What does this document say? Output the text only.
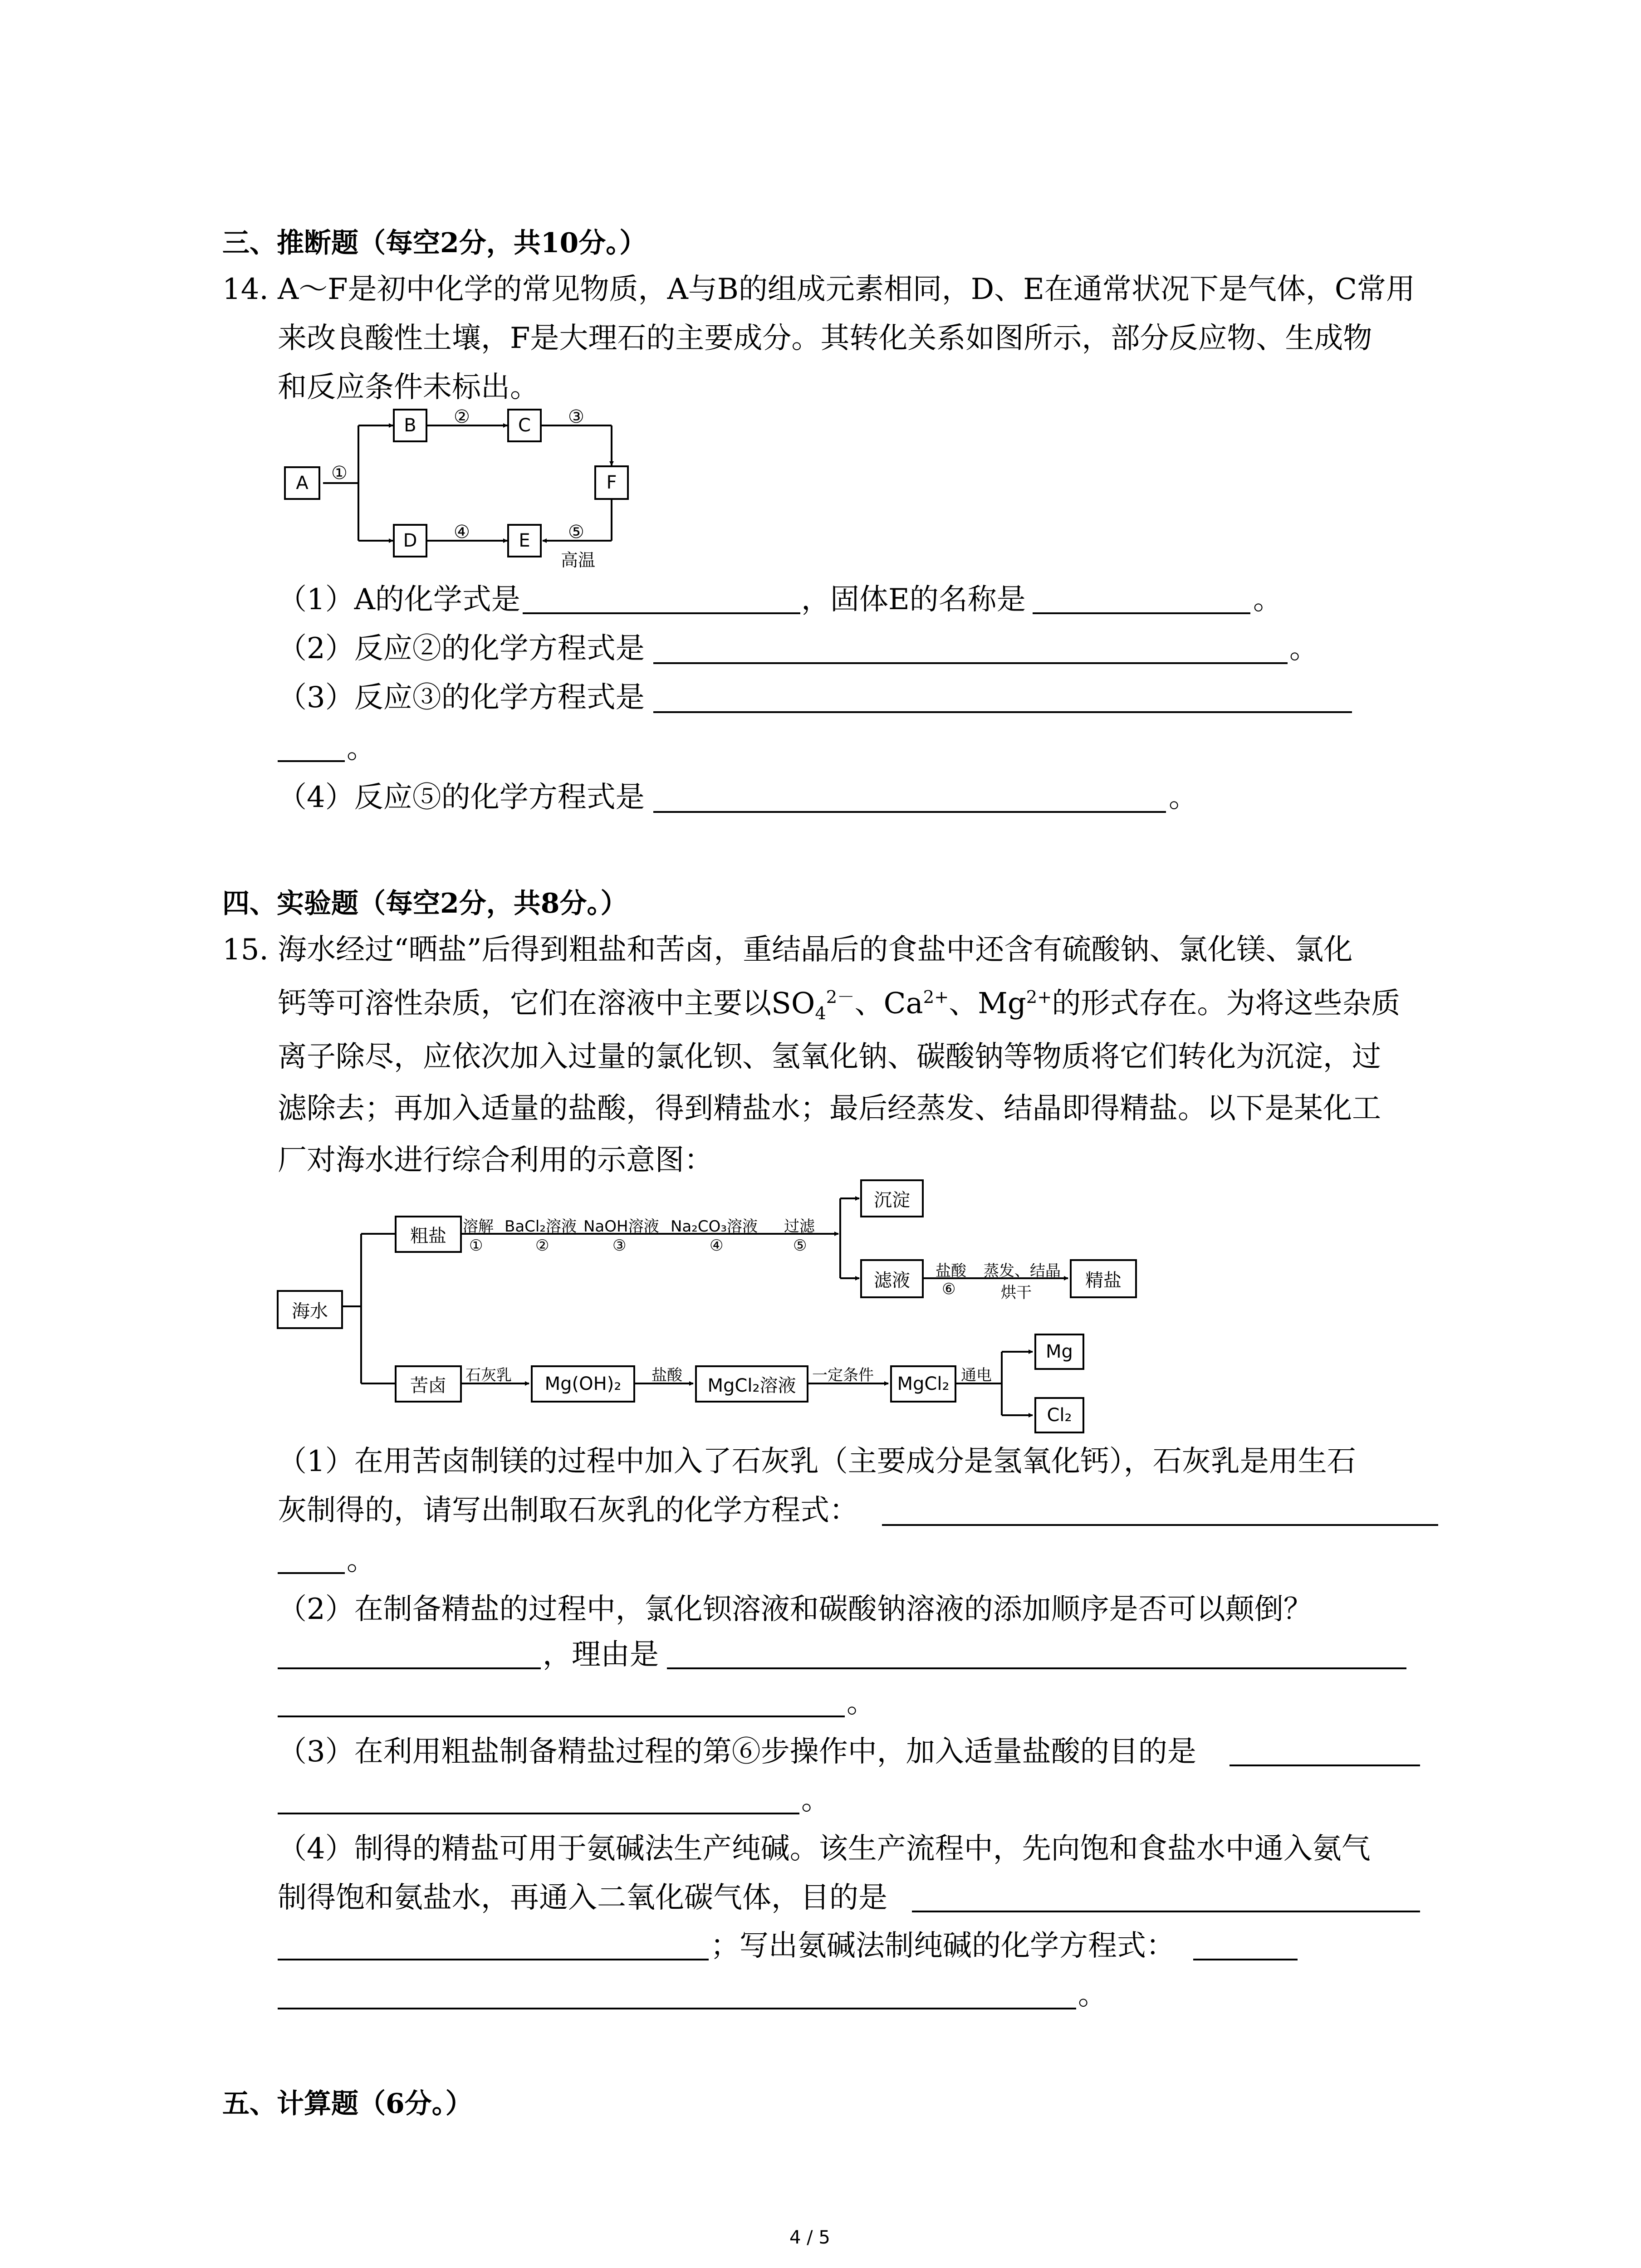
三、推断题（每空2分，共10分。）
14. A～F是初中化学的常见物质，A与B的组成元素相同，D、E在通常状况下是气体，C常用
来改良酸性土壤，F是大理石的主要成分。其转化关系如图所示，部分反应物、生成物
和反应条件未标出。
A
B	C
F
D	E
①
②	③
④	⑤
高温
（1）A的化学式是	，固体E的名称是	。
（2）反应②的化学方程式是	。
（3）反应③的化学方程式是
。
（4）反应⑤的化学方程式是	。
四、实验题（每空2分，共8分。）
15. 海水经过“晒盐”后得到粗盐和苦卤，重结晶后的食盐中还含有硫酸钠、氯化镁、氯化
钙等可溶性杂质，它们在溶液中主要以$SO_4^{2-}$、$Ca^{2+}$、$Mg^{2+}$的形式存在。为将这些杂质
离子除尽，应依次加入过量的氯化钡、氢氧化钠、碳酸钠等物质将它们转化为沉淀，过
滤除去；再加入适量的盐酸，得到精盐水；最后经蒸发、结晶即得精盐。以下是某化工
厂对海水进行综合利用的示意图：
海水
粗盐
苦卤
沉淀
滤液	精盐
Mg(OH)₂	MgCl₂溶液	MgCl₂
Mg
Cl₂
溶解
①
BaCl₂溶液
②
NaOH溶液
③
Na₂CO₃溶液
④
过滤
⑤
盐酸
⑥
蒸发、结晶
烘干
石灰乳	盐酸	一定条件	通电
（1）在用苦卤制镁的过程中加入了石灰乳（主要成分是氢氧化钙），石灰乳是用生石
灰制得的，请写出制取石灰乳的化学方程式：
。
（2）在制备精盐的过程中，氯化钡溶液和碳酸钠溶液的添加顺序是否可以颠倒？
，理由是
。
（3）在利用粗盐制备精盐过程的第⑥步操作中，加入适量盐酸的目的是
。
（4）制得的精盐可用于氨碱法生产纯碱。该生产流程中，先向饱和食盐水中通入氨气
制得饱和氨盐水，再通入二氧化碳气体，目的是
；写出氨碱法制纯碱的化学方程式：
。
五、计算题（6分。）
4 / 5
